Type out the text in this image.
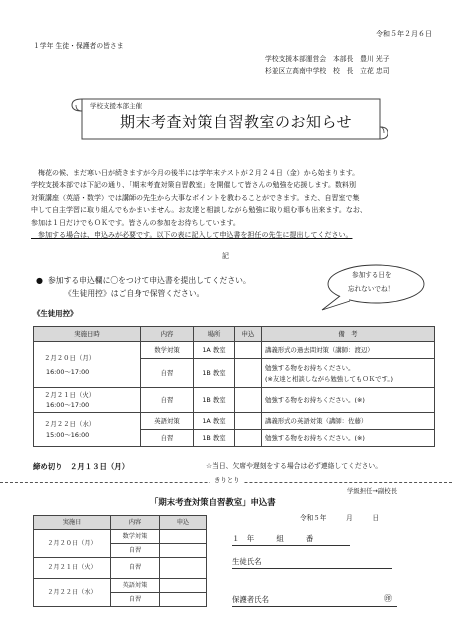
令和５年２月６日
１学年 生徒・保護者の皆さま
学校支援本部運営会　本部長　豊川 光子
杉並区立高南中学校　校　長　立花 忠司
学校支援本部主催
期末考査対策自習教室のお知らせ
　梅花の候、まだ寒い日が続きますが今月の後半には学年末テストが２月２４日（金）から始まります。
学校支援本部では下記の通り、「期末考査対策自習教室」を開催して皆さんの勉強を応援します。数料別
対策講座（英語・数学）では講師の先生から大事なポイントを教わることができます。また、自習室で集
中して自主学習に取り組んでもかまいません。お友達と相談しながら勉強に取り組む事も出来ます。なお、
参加は１日だけでもＯＫです。皆さんの参加をお待ちしています。
　参加する場合は、申込みが必要です。以下の表に記入して申込書を担任の先生に提出してください。
記
● 参加する申込欄に〇をつけて申込書を提出してください。
《生徒用控》はご自身で保管ください。
参加する日を
忘れないでね！
《生徒用控》
実施日時	内容	場所	申込	備　考

２月２０日（月）
16:00～17:00	数学対策	1A 教室		講義形式の過去問対策（講師：渡辺）
	自習	1B 教室		勉強する物をお持ちください。
(※友達と相談しながら勉強してもＯＫです。)

２月２１日（火）
16:00～17:00	自習	1B 教室		勉強する物をお持ちください。(※)

２月２２日（水）
15:00～16:00	英語対策	1A 教室		講義形式の英語対策（講師：佐藤）
	自習	1B 教室		勉強する物をお持ちください。(※)
締め切り　２月１３日（月）	☆当日、欠席や遅刻をする場合は必ず連絡してください。
きりとり
学級担任→副校長
「期末考査対策自習教室」申込書
令和５年　　　月　　　日
実施日	内容	申込
２月２０日（月）	数学対策	
	自習	
２月２１日（火）	自習	
２月２２日（水）	英語対策	
	自習	
１　年　　　組　　　番
生徒氏名
保護者氏名	㊞
